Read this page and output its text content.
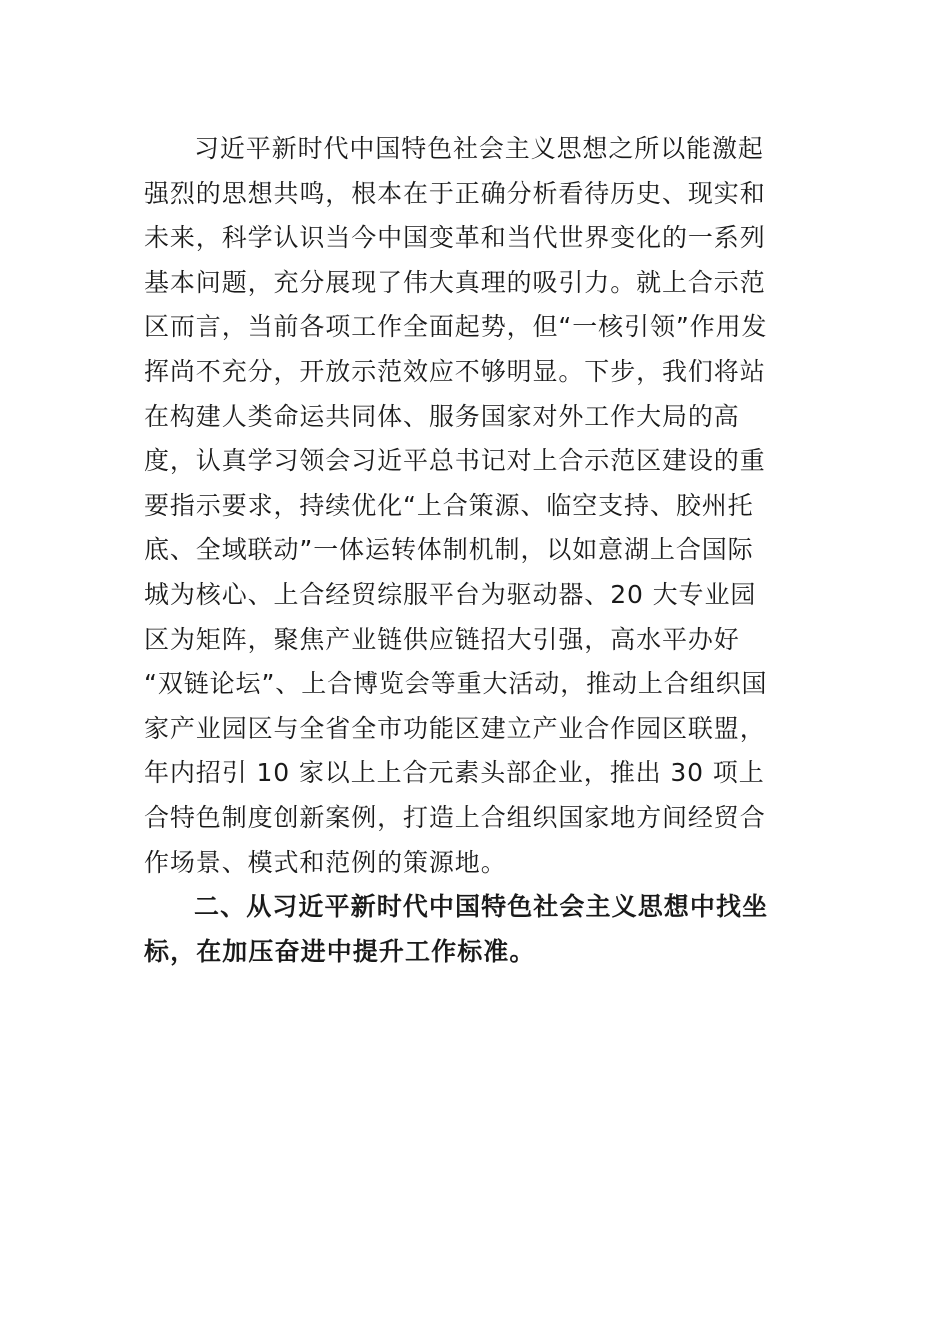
习近平新时代中国特色社会主义思想之所以能激起
强烈的思想共鸣，根本在于正确分析看待历史、现实和
未来，科学认识当今中国变革和当代世界变化的一系列
基本问题，充分展现了伟大真理的吸引力。就上合示范
区而言，当前各项工作全面起势，但“一核引领”作用发
挥尚不充分，开放示范效应不够明显。下步，我们将站
在构建人类命运共同体、服务国家对外工作大局的高
度，认真学习领会习近平总书记对上合示范区建设的重
要指示要求，持续优化“上合策源、临空支持、胶州托
底、全域联动”一体运转体制机制，以如意湖上合国际
城为核心、上合经贸综服平台为驱动器、20 大专业园
区为矩阵，聚焦产业链供应链招大引强，高水平办好
“双链论坛”、上合博览会等重大活动，推动上合组织国
家产业园区与全省全市功能区建立产业合作园区联盟，
年内招引 10 家以上上合元素头部企业，推出 30 项上
合特色制度创新案例，打造上合组织国家地方间经贸合
作场景、模式和范例的策源地。
二、从习近平新时代中国特色社会主义思想中找坐
标，在加压奋进中提升工作标准。
